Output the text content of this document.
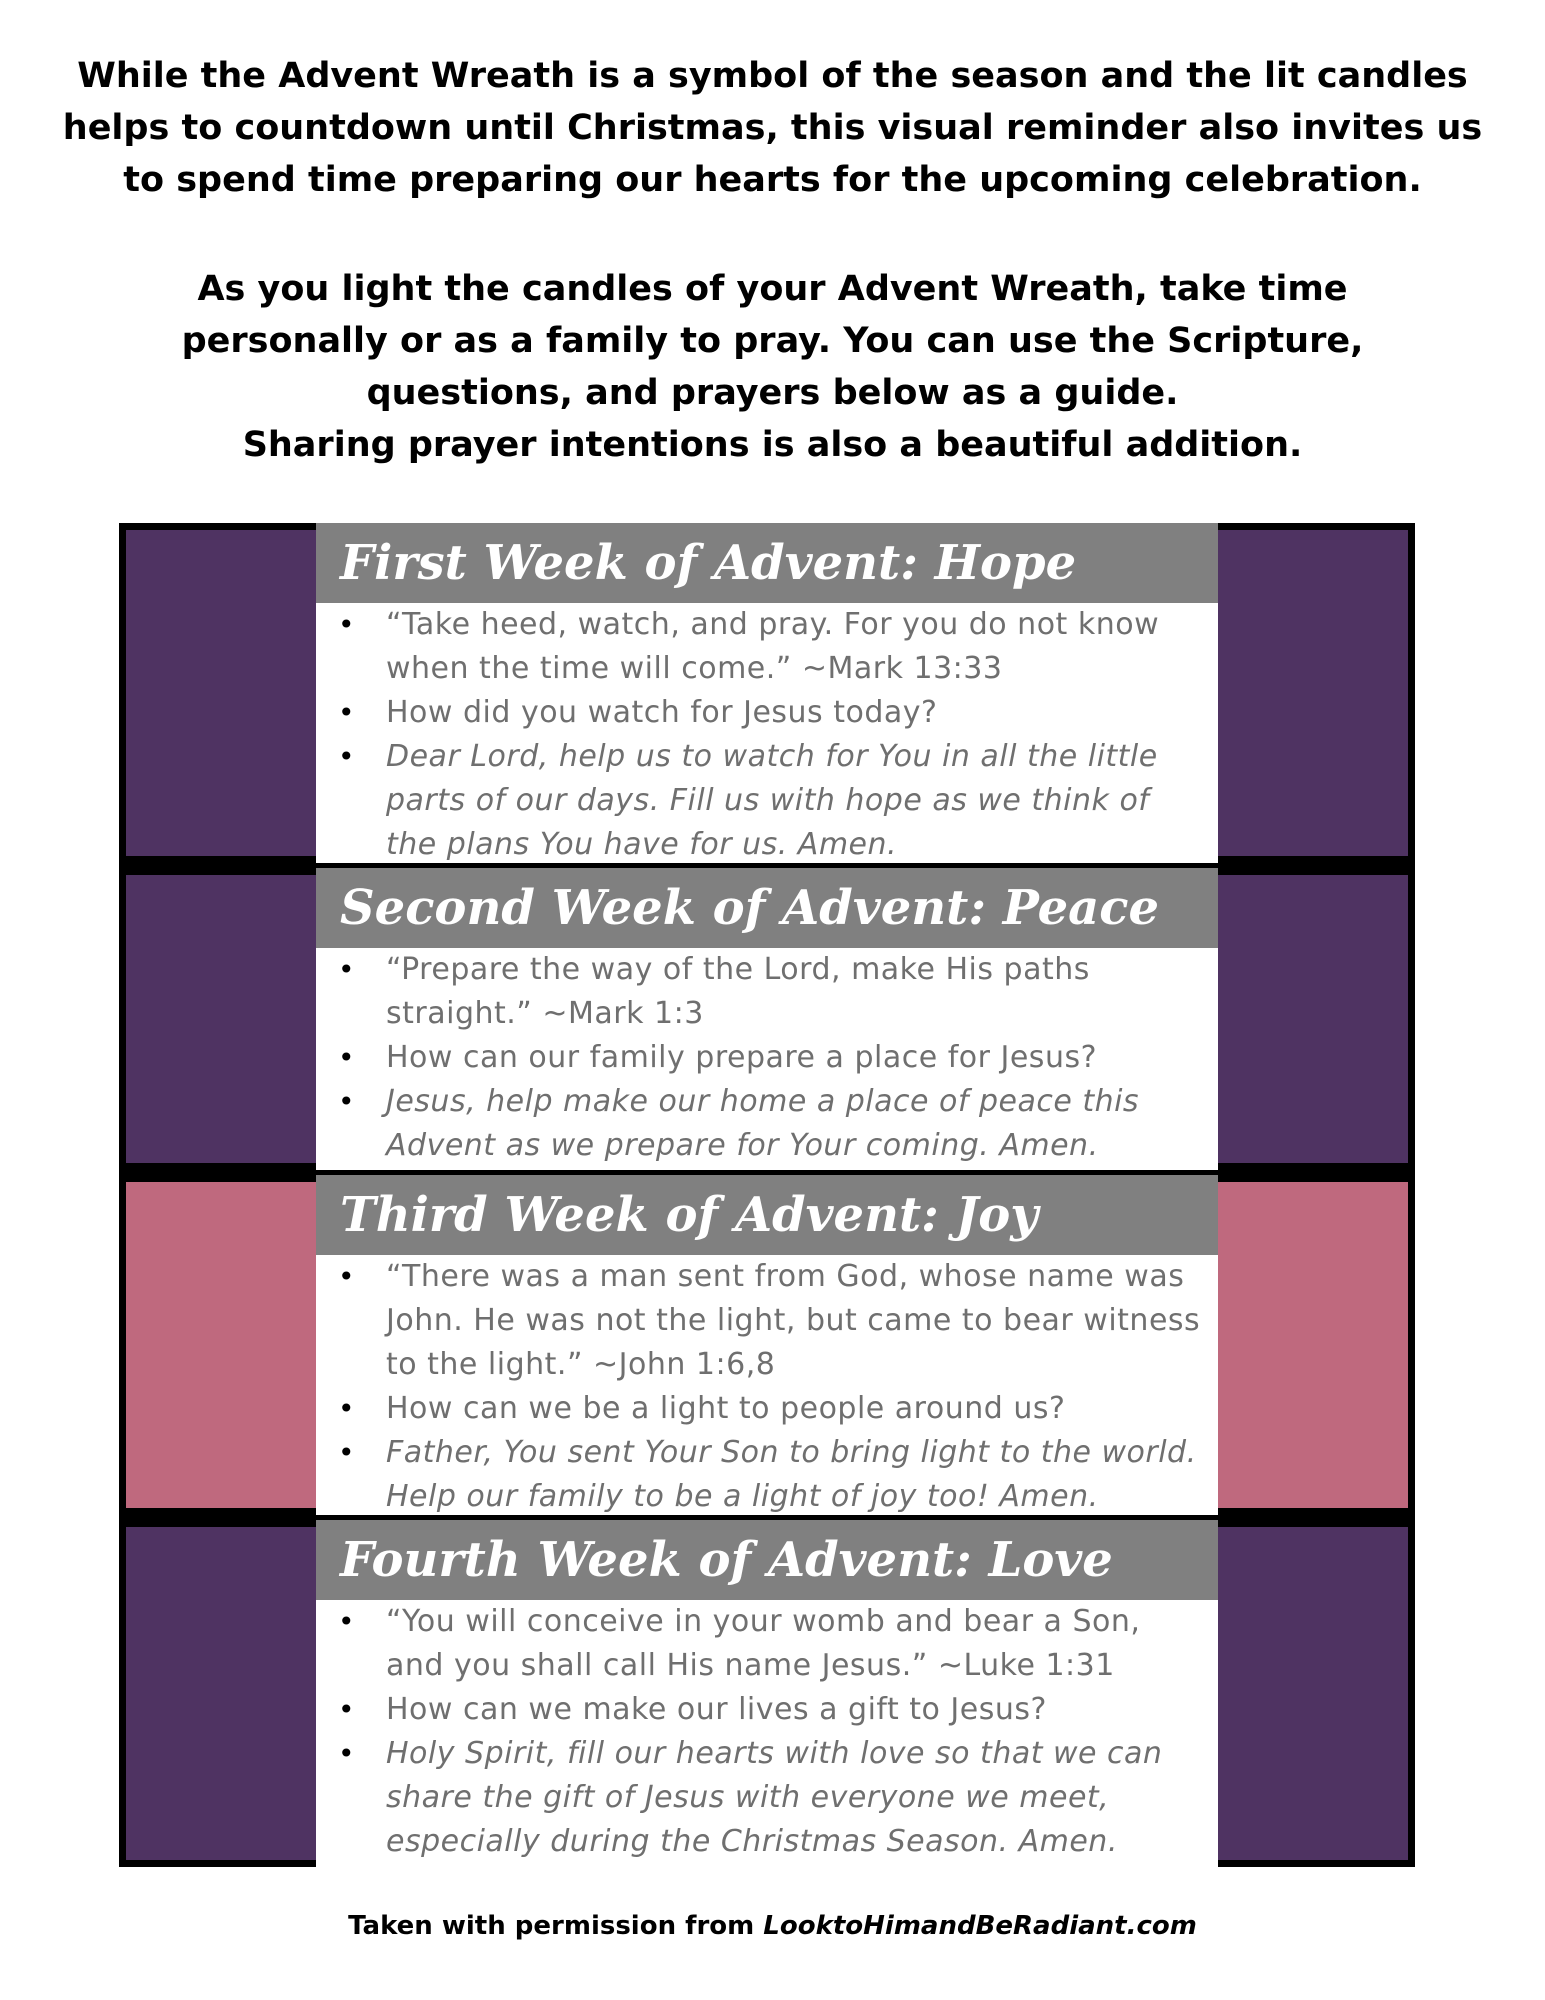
While the Advent Wreath is a symbol of the season and the lit candles helps to countdown until Christmas, this visual reminder also invites us to spend time preparing our hearts for the upcoming celebration.

As you light the candles of your Advent Wreath, take time
personally or as a family to pray. You can use the Scripture,
questions, and prayers below as a guide.
Sharing prayer intentions is also a beautiful addition.

First Week of Advent: Hope
• “Take heed, watch, and pray. For you do not know when the time will come.” ~Mark 13:33
• How did you watch for Jesus today?
• Dear Lord, help us to watch for You in all the little parts of our days. Fill us with hope as we think of the plans You have for us. Amen.
Second Week of Advent: Peace
• “Prepare the way of the Lord, make His paths straight.” ~Mark 1:3
• How can our family prepare a place for Jesus?
• Jesus, help make our home a place of peace this Advent as we prepare for Your coming. Amen.
Third Week of Advent: Joy
• “There was a man sent from God, whose name was John. He was not the light, but came to bear witness to the light.” ~John 1:6,8
• How can we be a light to people around us?
• Father, You sent Your Son to bring light to the world. Help our family to be a light of joy too! Amen.
Fourth Week of Advent: Love
• “You will conceive in your womb and bear a Son, and you shall call His name Jesus.” ~Luke 1:31
• How can we make our lives a gift to Jesus?
• Holy Spirit, fill our hearts with love so that we can share the gift of Jesus with everyone we meet, especially during the Christmas Season. Amen.
Taken with permission from LooktoHimandBeRadiant.com
